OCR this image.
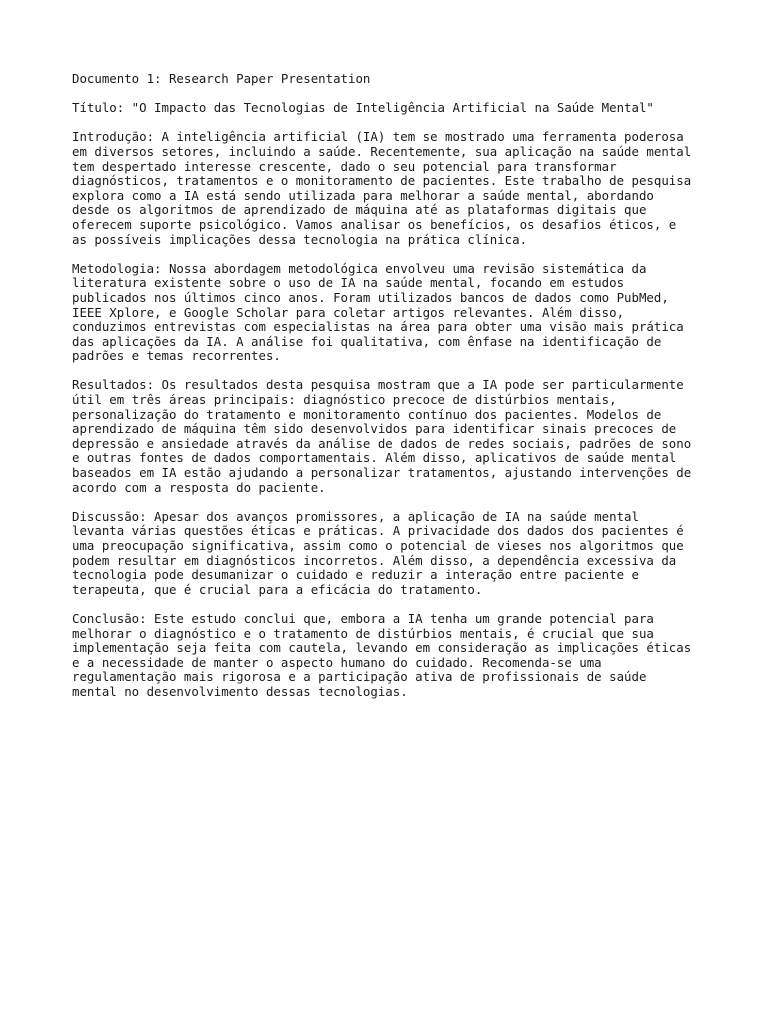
Documento 1: Research Paper Presentation

Título: "O Impacto das Tecnologias de Inteligência Artificial na Saúde Mental"

Introdução: A inteligência artificial (IA) tem se mostrado uma ferramenta poderosa
em diversos setores, incluindo a saúde. Recentemente, sua aplicação na saúde mental
tem despertado interesse crescente, dado o seu potencial para transformar
diagnósticos, tratamentos e o monitoramento de pacientes. Este trabalho de pesquisa
explora como a IA está sendo utilizada para melhorar a saúde mental, abordando
desde os algoritmos de aprendizado de máquina até as plataformas digitais que
oferecem suporte psicológico. Vamos analisar os benefícios, os desafios éticos, e
as possíveis implicações dessa tecnologia na prática clínica.

Metodologia: Nossa abordagem metodológica envolveu uma revisão sistemática da
literatura existente sobre o uso de IA na saúde mental, focando em estudos
publicados nos últimos cinco anos. Foram utilizados bancos de dados como PubMed,
IEEE Xplore, e Google Scholar para coletar artigos relevantes. Além disso,
conduzimos entrevistas com especialistas na área para obter uma visão mais prática
das aplicações da IA. A análise foi qualitativa, com ênfase na identificação de
padrões e temas recorrentes.

Resultados: Os resultados desta pesquisa mostram que a IA pode ser particularmente
útil em três áreas principais: diagnóstico precoce de distúrbios mentais,
personalização do tratamento e monitoramento contínuo dos pacientes. Modelos de
aprendizado de máquina têm sido desenvolvidos para identificar sinais precoces de
depressão e ansiedade através da análise de dados de redes sociais, padrões de sono
e outras fontes de dados comportamentais. Além disso, aplicativos de saúde mental
baseados em IA estão ajudando a personalizar tratamentos, ajustando intervenções de
acordo com a resposta do paciente.

Discussão: Apesar dos avanços promissores, a aplicação de IA na saúde mental
levanta várias questões éticas e práticas. A privacidade dos dados dos pacientes é
uma preocupação significativa, assim como o potencial de vieses nos algoritmos que
podem resultar em diagnósticos incorretos. Além disso, a dependência excessiva da
tecnologia pode desumanizar o cuidado e reduzir a interação entre paciente e
terapeuta, que é crucial para a eficácia do tratamento.

Conclusão: Este estudo conclui que, embora a IA tenha um grande potencial para
melhorar o diagnóstico e o tratamento de distúrbios mentais, é crucial que sua
implementação seja feita com cautela, levando em consideração as implicações éticas
e a necessidade de manter o aspecto humano do cuidado. Recomenda-se uma
regulamentação mais rigorosa e a participação ativa de profissionais de saúde
mental no desenvolvimento dessas tecnologias.
